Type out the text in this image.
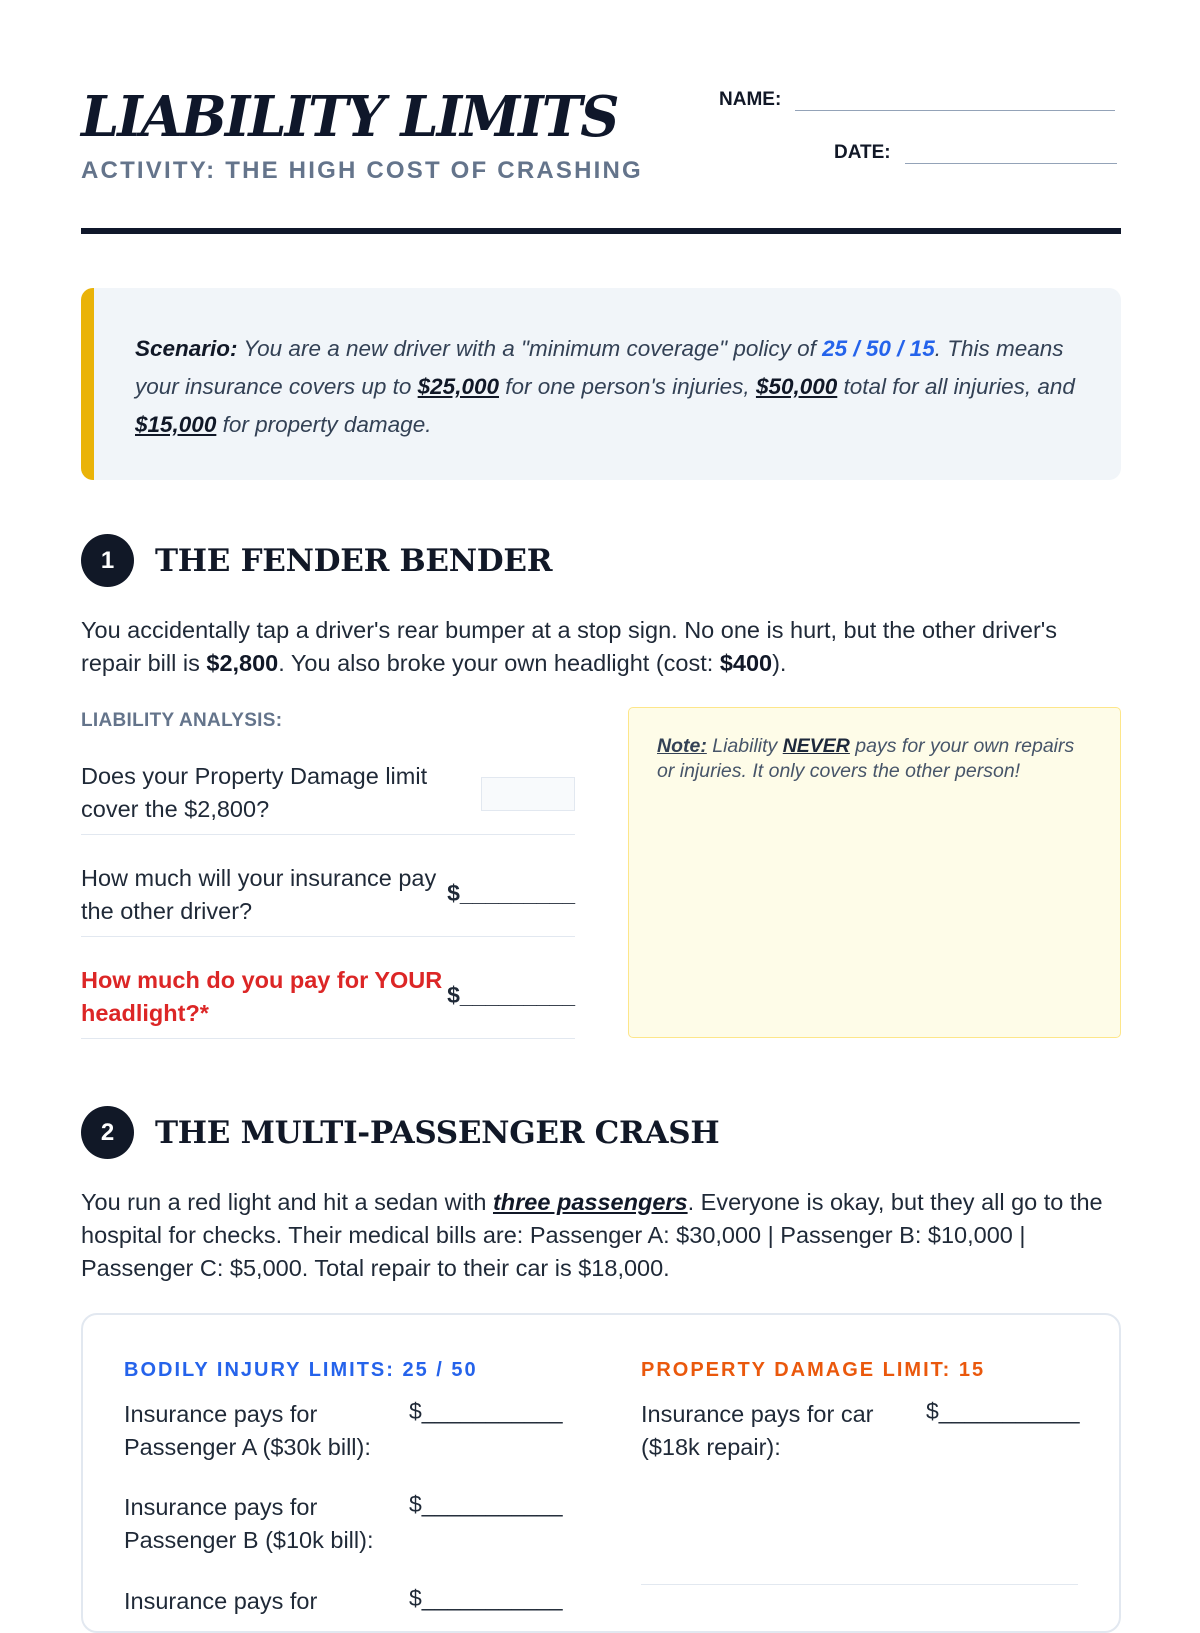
LIABILITY LIMITS
ACTIVITY: THE HIGH COST OF CRASHING
NAME:
DATE:

Scenario: You are a new driver with a "minimum coverage" policy of 25 / 50 / 15. This means your insurance covers up to $25,000 for one person's injuries, $50,000 total for all injuries, and $15,000 for property damage.

1	THE FENDER BENDER

You accidentally tap a driver's rear bumper at a stop sign. No one is hurt, but the other driver's repair bill is $2,800. You also broke your own headlight (cost: $400).

LIABILITY ANALYSIS:
Does your Property Damage limit cover the $2,800?
How much will your insurance pay the other driver?
$_________
How much do you pay for YOUR headlight?*
$_________

Note: Liability NEVER pays for your own repairs or injuries. It only covers the other person!

2	THE MULTI-PASSENGER CRASH

You run a red light and hit a sedan with three passengers. Everyone is okay, but they all go to the hospital for checks. Their medical bills are: Passenger A: $30,000 | Passenger B: $10,000 | Passenger C: $5,000. Total repair to their car is $18,000.

BODILY INJURY LIMITS: 25 / 50	PROPERTY DAMAGE LIMIT: 15
Insurance pays for Passenger A ($30k bill):
$___________
Insurance pays for Passenger B ($10k bill):
$___________
Insurance pays for	$___________
Insurance pays for car ($18k repair):
$___________
